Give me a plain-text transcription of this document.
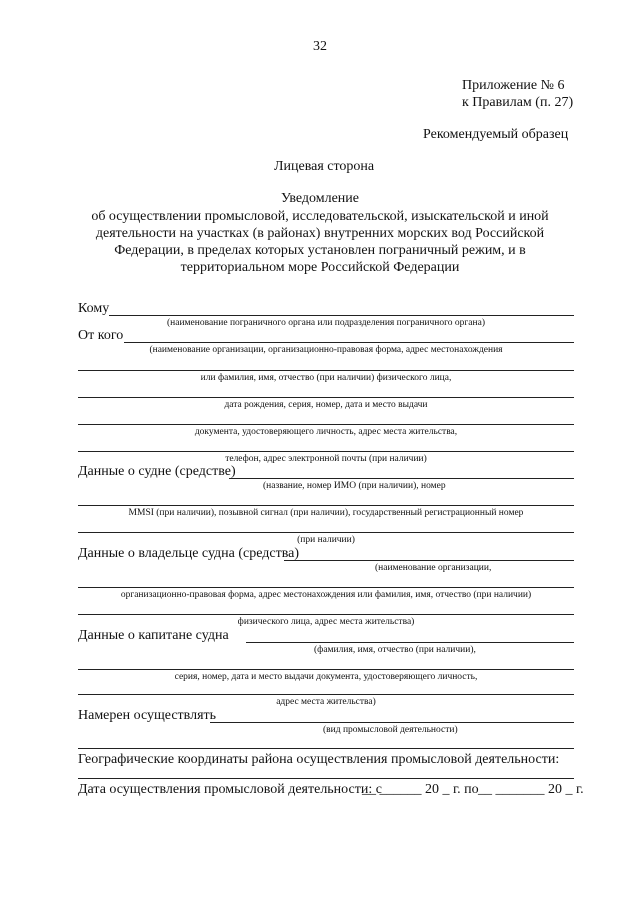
32
Приложение № 6
к Правилам (п. 27)
Рекомендуемый образец
Лицевая сторона
Уведомление
об осуществлении промысловой, исследовательской, изыскательской и иной
деятельности на участках (в районах) внутренних морских вод Российской
Федерации, в пределах которых установлен пограничный режим, и в
территориальном море Российской Федерации
Кому
(наименование пограничного органа или подразделения пограничного органа)
От кого
(наименование организации, организационно-правовая форма, адрес местонахождения
или фамилия, имя, отчество (при наличии) физического лица,
дата рождения, серия, номер, дата и место выдачи
документа, удостоверяющего личность, адрес места жительства,
телефон, адрес электронной почты (при наличии)
Данные о судне (средстве)
(название, номер ИМО (при наличии), номер
MMSI (при наличии), позывной сигнал (при наличии), государственный регистрационный номер
(при наличии)
Данные о владельце судна (средства)
(наименование организации,
организационно-правовая форма, адрес местонахождения или фамилия, имя, отчество (при наличии)
физического лица, адрес места жительства)
Данные о капитане судна
(фамилия, имя, отчество (при наличии),
серия, номер, дата и место выдачи документа, удостоверяющего личность,
адрес места жительства)
Намерен осуществлять
(вид промысловой деятельности)
Географические координаты района осуществления промысловой деятельности:
Дата осуществления промысловой деятельности: с
__ ______ 20 _ г. по __ _______ 20 _ г.
